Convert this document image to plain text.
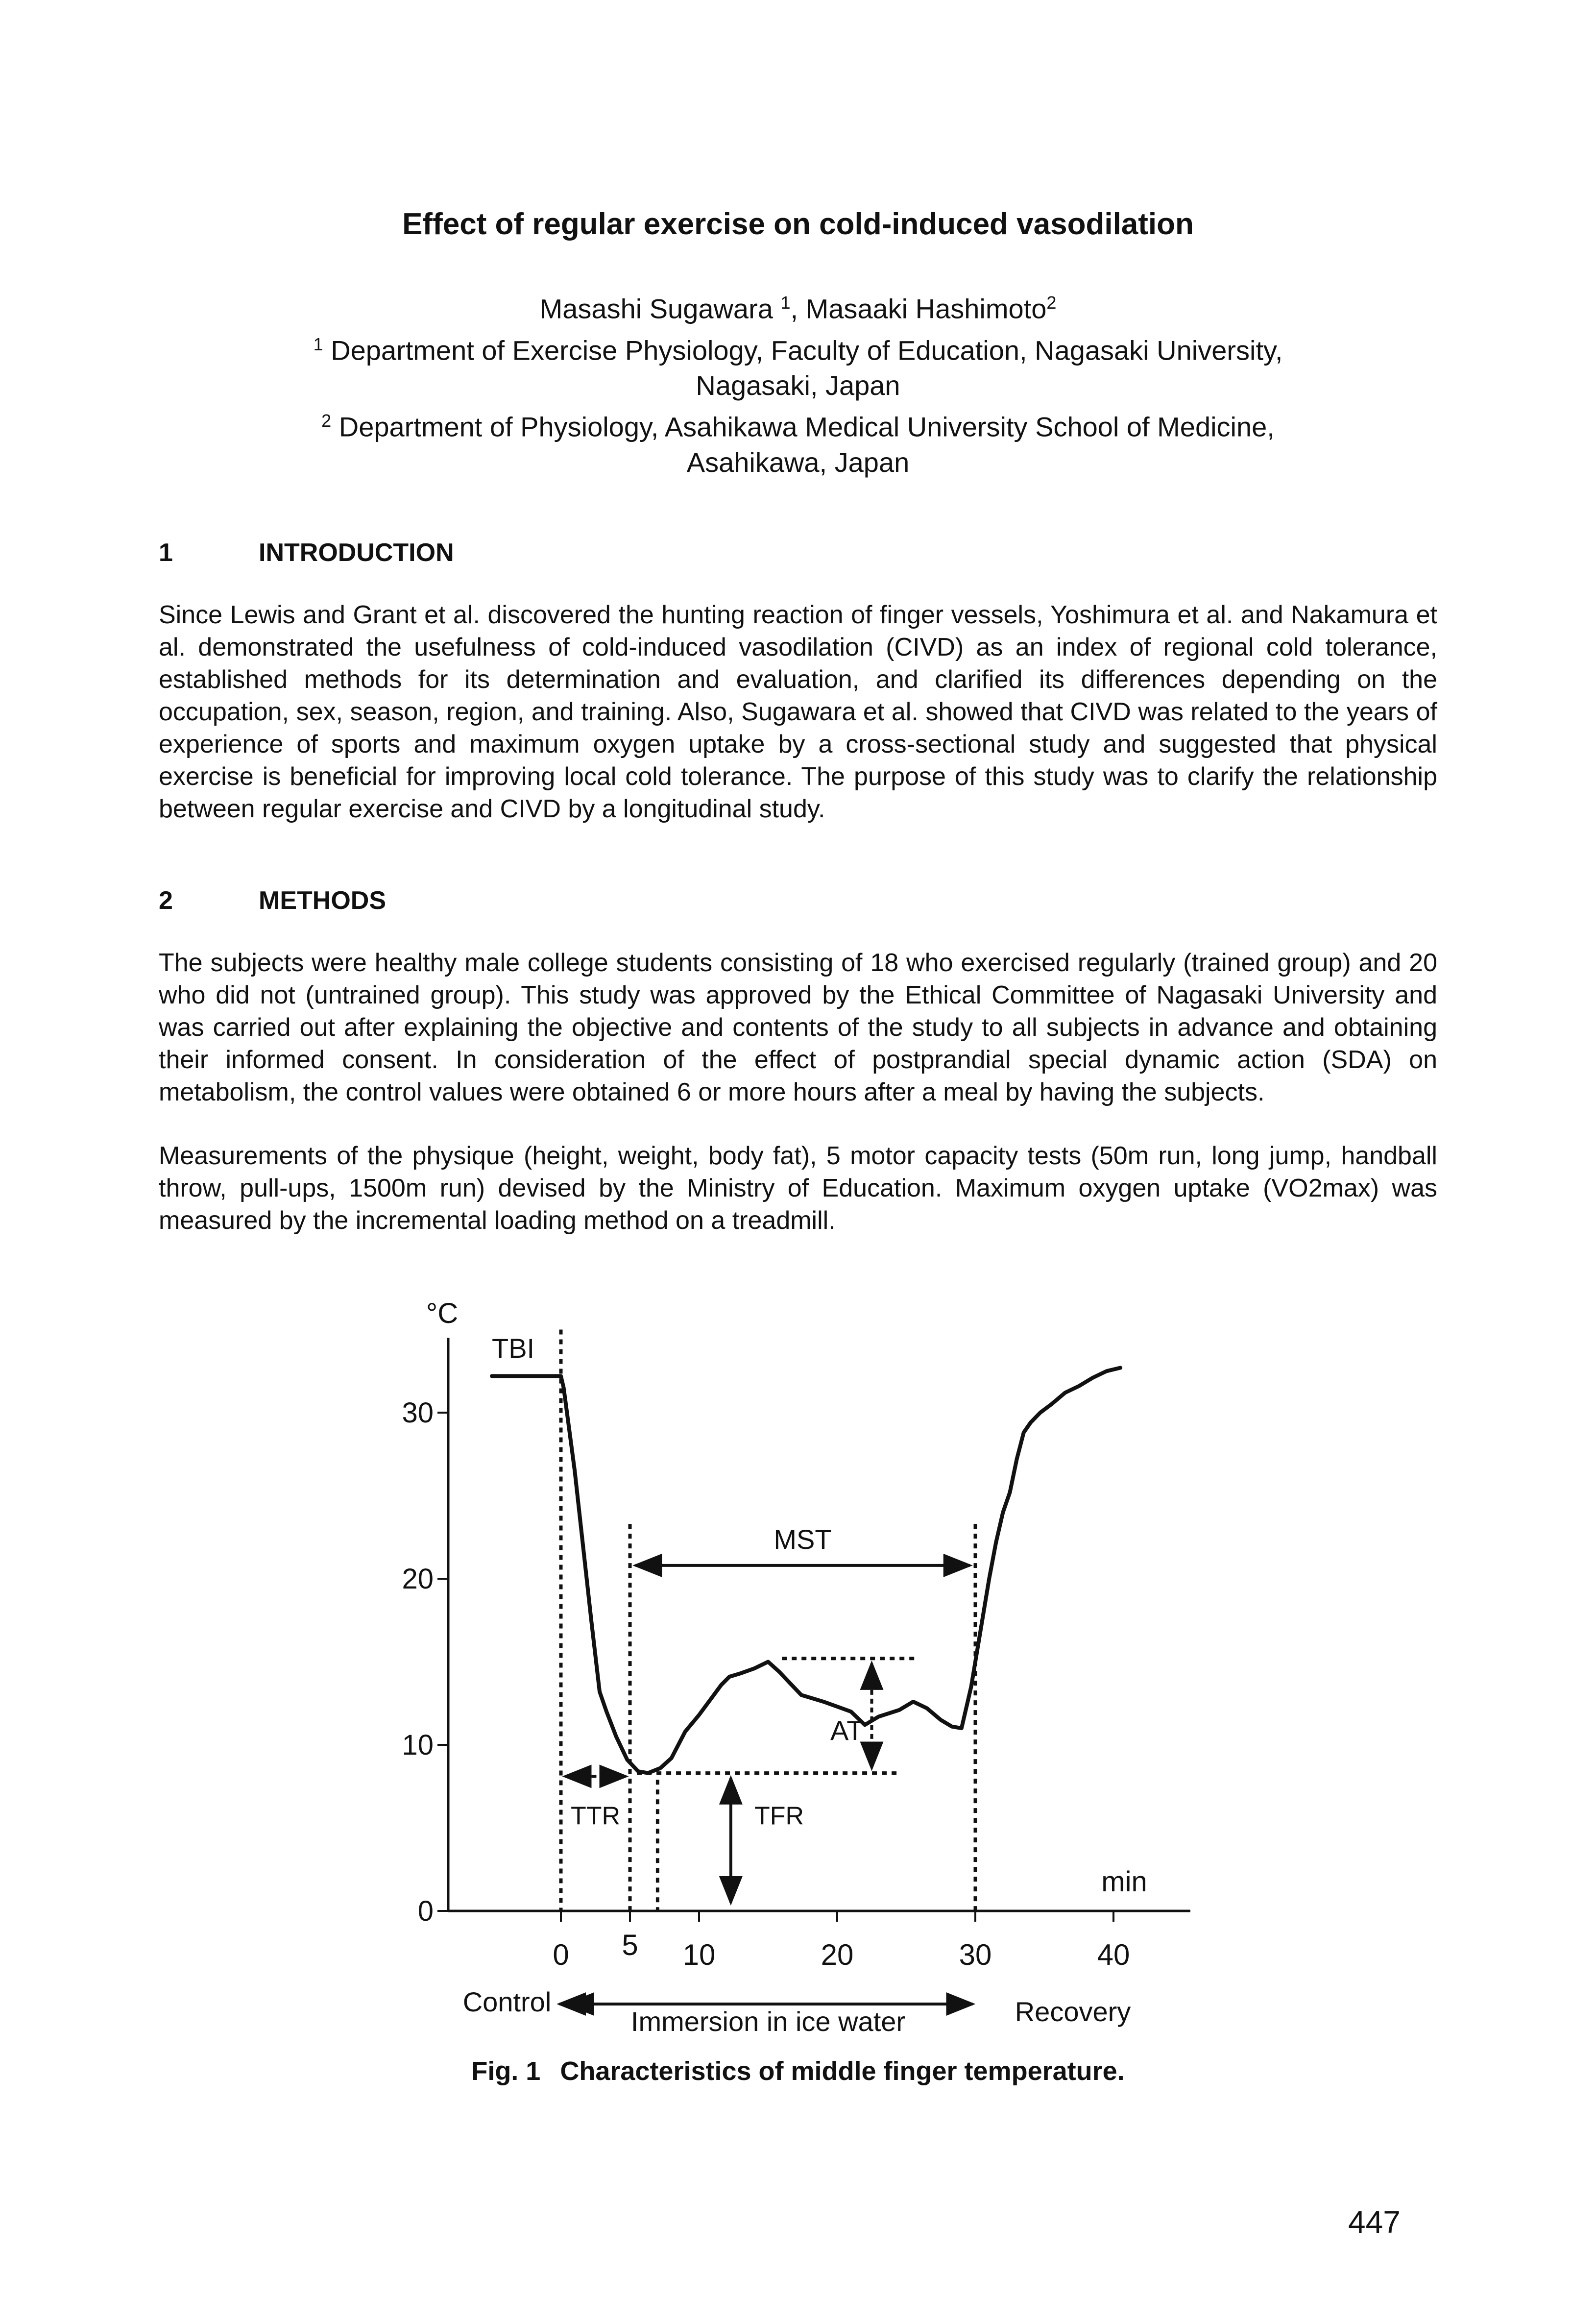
Effect of regular exercise on cold-induced vasodilation
Masashi Sugawara $^1$, Masaaki Hashimoto$^2$
$^1$ Department of Exercise Physiology, Faculty of Education, Nagasaki University,
Nagasaki, Japan
$^2$ Department of Physiology, Asahikawa Medical University School of Medicine,
Asahikawa, Japan
1	INTRODUCTION

Since Lewis and Grant et al. discovered the hunting reaction of finger vessels, Yoshimura et al. and Nakamura et al. demonstrated the usefulness of cold-induced vasodilation (CIVD) as an index of regional cold tolerance, established methods for its determination and evaluation, and clarified its differences depending on the occupation, sex, season, region, and training. Also, Sugawara et al. showed that CIVD was related to the years of experience of sports and maximum oxygen uptake by a cross-sectional study and suggested that physical exercise is beneficial for improving local cold tolerance. The purpose of this study was to clarify the relationship between regular exercise and CIVD by a longitudinal study.

2	METHODS

The subjects were healthy male college students consisting of 18 who exercised regularly (trained group) and 20 who did not (untrained group). This study was approved by the Ethical Committee of Nagasaki University and was carried out after explaining the objective and contents of the study to all subjects in advance and obtaining their informed consent. In consideration of the effect of postprandial special dynamic action (SDA) on metabolism, the control values were obtained 6 or more hours after a meal by having the subjects.

Measurements of the physique (height, weight, body fat), 5 motor capacity tests (50m run, long jump, handball throw, pull-ups, 1500m run) devised by the Ministry of Education. Maximum oxygen uptake (VO2max) was measured by the incremental loading method on a treadmill.

0
10
20
30
0 5 10	20	30	40
°C
min
TBI
MST
AT
TTR	TFR
Control
Immersion in ice water	Recovery
Fig. 1 Characteristics of middle finger temperature.
447
